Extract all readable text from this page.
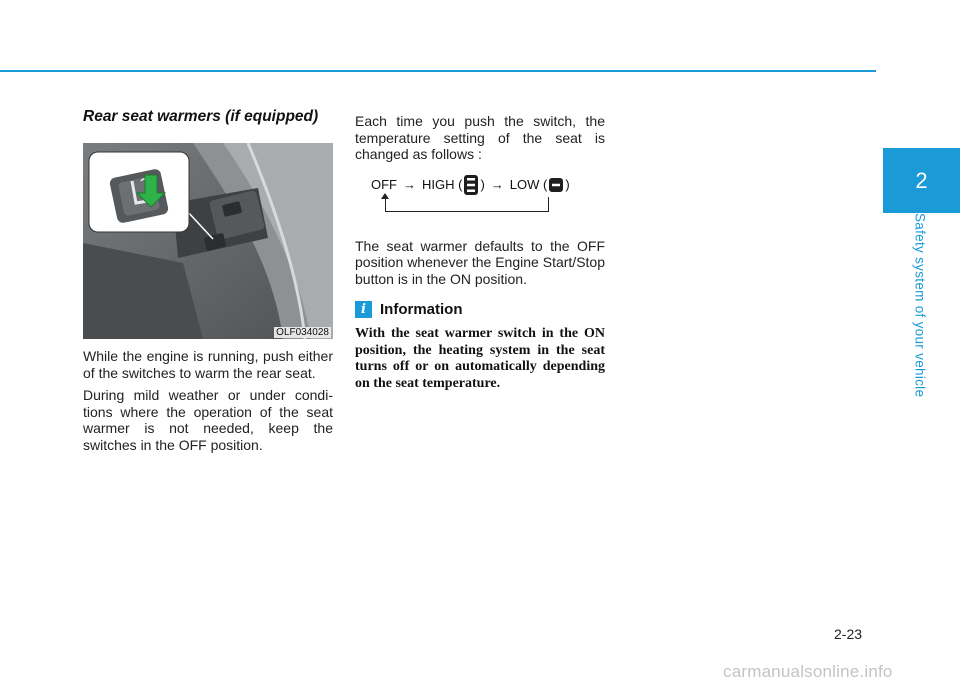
Rear seat warmers (if equipped)
OLF034028

While the engine is running, push either of the switches to warm the rear seat.

During mild weather or under condi-tions where the operation of the seat warmer is not needed, keep the switches in the OFF position.

Each time you push the switch, the temperature setting of the seat is changed as follows :

OFF → HIGH ( ) → LOW ( )

The seat warmer defaults to the OFF position whenever the Engine Start/Stop button is in the ON position.

i Information

With the seat warmer switch in the ON position, the heating system in the seat turns off or on automatically depending on the seat temperature.

2
Safety system of your vehicle
2-23
carmanualsonline.info
